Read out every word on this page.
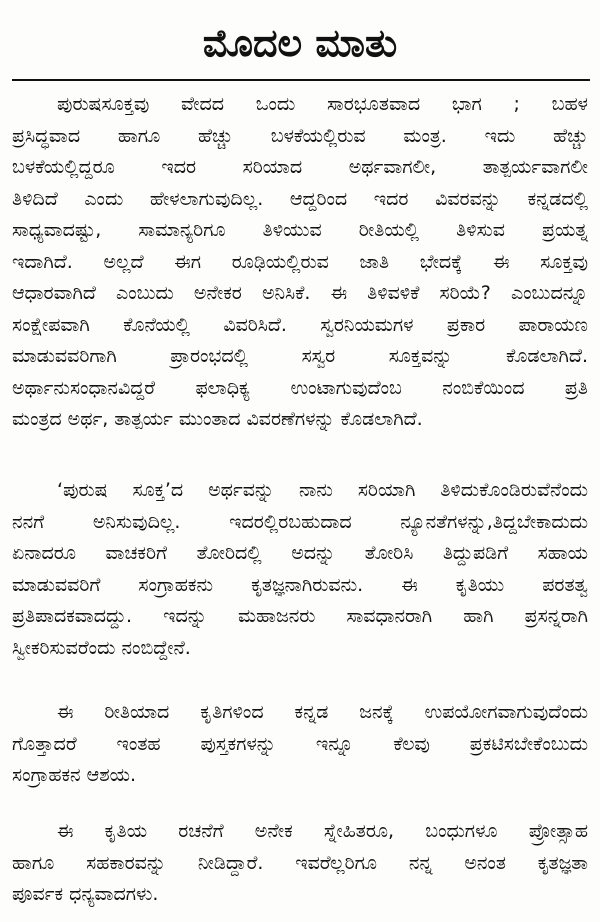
ಮೊದಲ ಮಾತು
ಪುರುಷಸೂಕ್ತವು ವೇದದ ಒಂದು ಸಾರಭೂತವಾದ ಭಾಗ ; ಬಹಳ
ಪ್ರಸಿದ್ಧವಾದ ಹಾಗೂ ಹೆಚ್ಚು ಬಳಕೆಯಲ್ಲಿರುವ ಮಂತ್ರ. ಇದು ಹೆಚ್ಚು
ಬಳಕೆಯಲ್ಲಿದ್ದರೂ ಇದರ ಸರಿಯಾದ ಅರ್ಥವಾಗಲೀ, ತಾತ್ಪರ್ಯವಾಗಲೀ
ತಿಳಿದಿದೆ ಎಂದು ಹೇಳಲಾಗುವುದಿಲ್ಲ. ಆದ್ದರಿಂದ ಇದರ ವಿವರವನ್ನು ಕನ್ನಡದಲ್ಲಿ
ಸಾಧ್ಯವಾದಷ್ಟು, ಸಾಮಾನ್ಯರಿಗೂ ತಿಳಿಯುವ ರೀತಿಯಲ್ಲಿ ತಿಳಿಸುವ ಪ್ರಯತ್ನ
ಇದಾಗಿದೆ. ಅಲ್ಲದೆ ಈಗ ರೂಢಿಯಲ್ಲಿರುವ ಜಾತಿ ಭೇದಕ್ಕೆ ಈ ಸೂಕ್ತವು
ಆಧಾರವಾಗಿದೆ ಎಂಬುದು ಅನೇಕರ ಅನಿಸಿಕೆ. ಈ ತಿಳಿವಳಿಕೆ ಸರಿಯೆ? ಎಂಬುದನ್ನೂ
ಸಂಕ್ಷೇಪವಾಗಿ ಕೊನೆಯಲ್ಲಿ ವಿವರಿಸಿದೆ. ಸ್ವರನಿಯಮಗಳ ಪ್ರಕಾರ ಪಾರಾಯಣ
ಮಾಡುವವರಿಗಾಗಿ ಪ್ರಾರಂಭದಲ್ಲಿ ಸಸ್ವರ ಸೂಕ್ತವನ್ನು ಕೊಡಲಾಗಿದೆ.
ಅರ್ಥಾನುಸಂಧಾನವಿದ್ದರೆ ಫಲಾಧಿಕ್ಯ ಉಂಟಾಗುವುದೆಂಬ ನಂಬಿಕೆಯಿಂದ ಪ್ರತಿ
ಮಂತ್ರದ ಅರ್ಥ, ತಾತ್ಪರ್ಯ ಮುಂತಾದ ವಿವರಣೆಗಳನ್ನು ಕೊಡಲಾಗಿದೆ.
‘ಪುರುಷ ಸೂಕ್ತ’ದ ಅರ್ಥವನ್ನು ನಾನು ಸರಿಯಾಗಿ ತಿಳಿದುಕೊಂಡಿರುವೆನೆಂದು
ನನಗೆ ಅನಿಸುವುದಿಲ್ಲ. ಇದರಲ್ಲಿರಬಹುದಾದ ನ್ಯೂನತೆಗಳನ್ನು,ತಿದ್ದಬೇಕಾದುದು
ಏನಾದರೂ ವಾಚಕರಿಗೆ ತೋರಿದಲ್ಲಿ ಅದನ್ನು ತೋರಿಸಿ ತಿದ್ದುಪಡಿಗೆ ಸಹಾಯ
ಮಾಡುವವರಿಗೆ ಸಂಗ್ರಾಹಕನು ಕೃತಜ್ಞನಾಗಿರುವನು. ಈ ಕೃತಿಯು ಪರತತ್ವ
ಪ್ರತಿಪಾದಕವಾದದ್ದು. ಇದನ್ನು ಮಹಾಜನರು ಸಾವಧಾನರಾಗಿ ಹಾಗಿ ಪ್ರಸನ್ನರಾಗಿ
ಸ್ವೀಕರಿಸುವರೆಂದು ನಂಬಿದ್ದೇನೆ.
ಈ ರೀತಿಯಾದ ಕೃತಿಗಳಿಂದ ಕನ್ನಡ ಜನಕ್ಕೆ ಉಪಯೋಗವಾಗುವುದೆಂದು
ಗೊತ್ತಾದರೆ ಇಂತಹ ಪುಸ್ತಕಗಳನ್ನು ಇನ್ನೂ ಕೆಲವು ಪ್ರಕಟಿಸಬೇಕೆಂಬುದು
ಸಂಗ್ರಾಹಕನ ಆಶಯ.
ಈ ಕೃತಿಯ ರಚನೆಗೆ ಅನೇಕ ಸ್ನೇಹಿತರೂ, ಬಂಧುಗಳೂ ಪ್ರೋತ್ಸಾಹ
ಹಾಗೂ ಸಹಕಾರವನ್ನು ನೀಡಿದ್ದಾರೆ. ಇವರೆಲ್ಲರಿಗೂ ನನ್ನ ಅನಂತ ಕೃತಜ್ಞತಾ
ಪೂರ್ವಕ ಧನ್ಯವಾದಗಳು.
